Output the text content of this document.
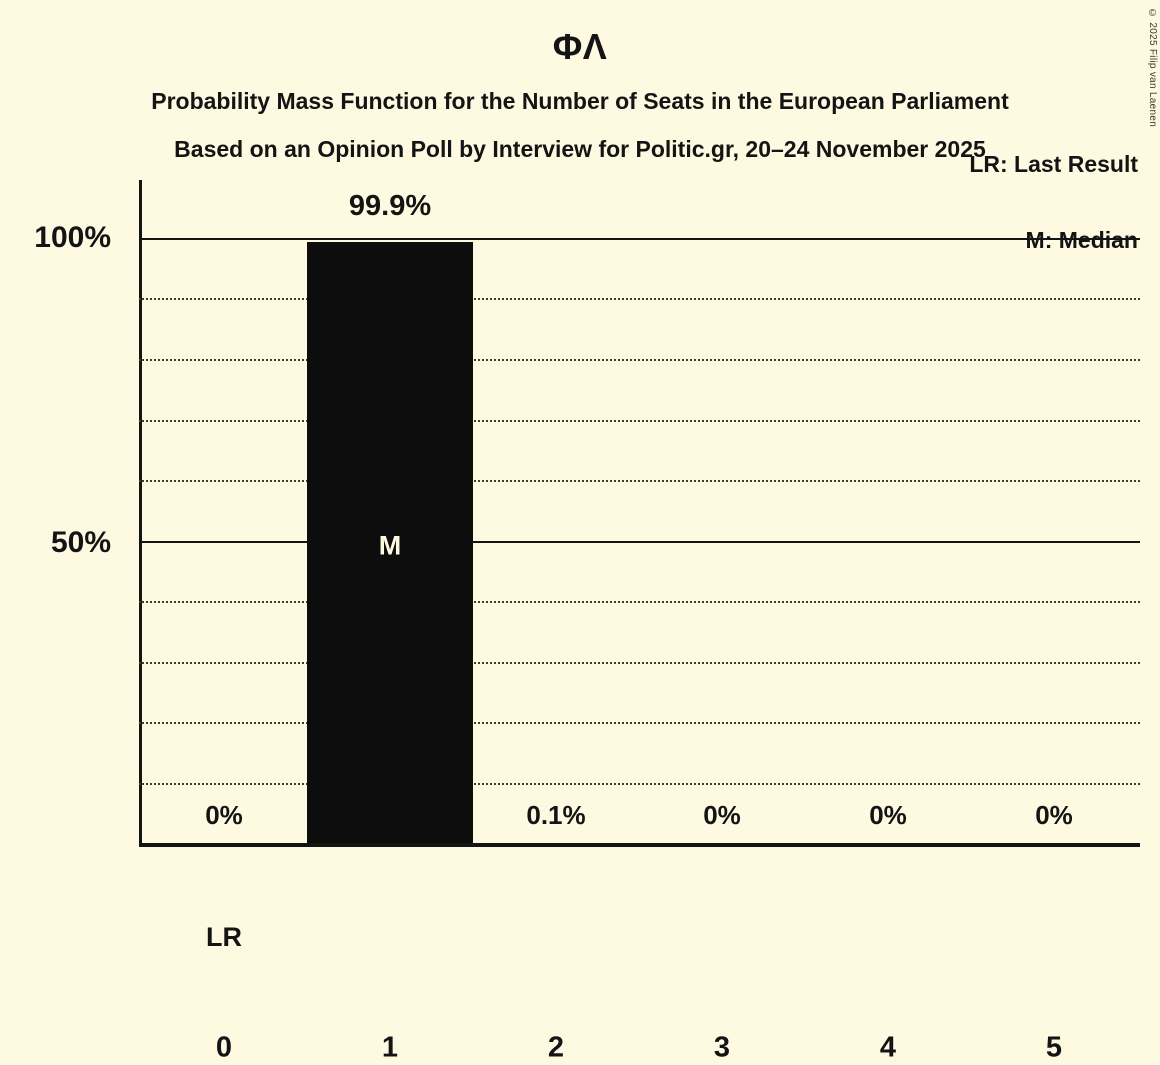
ΦΛ
Probability Mass Function for the Number of Seats in the European Parliament
Based on an Opinion Poll by Interview for Politic.gr, 20–24 November 2025
© 2025 Filip van Laenen
M
LR
99.9%
0%	0.1%	0%	0%	0%
LR: Last Result
M: Median
100%
50%
0	1	2	3	4	5
